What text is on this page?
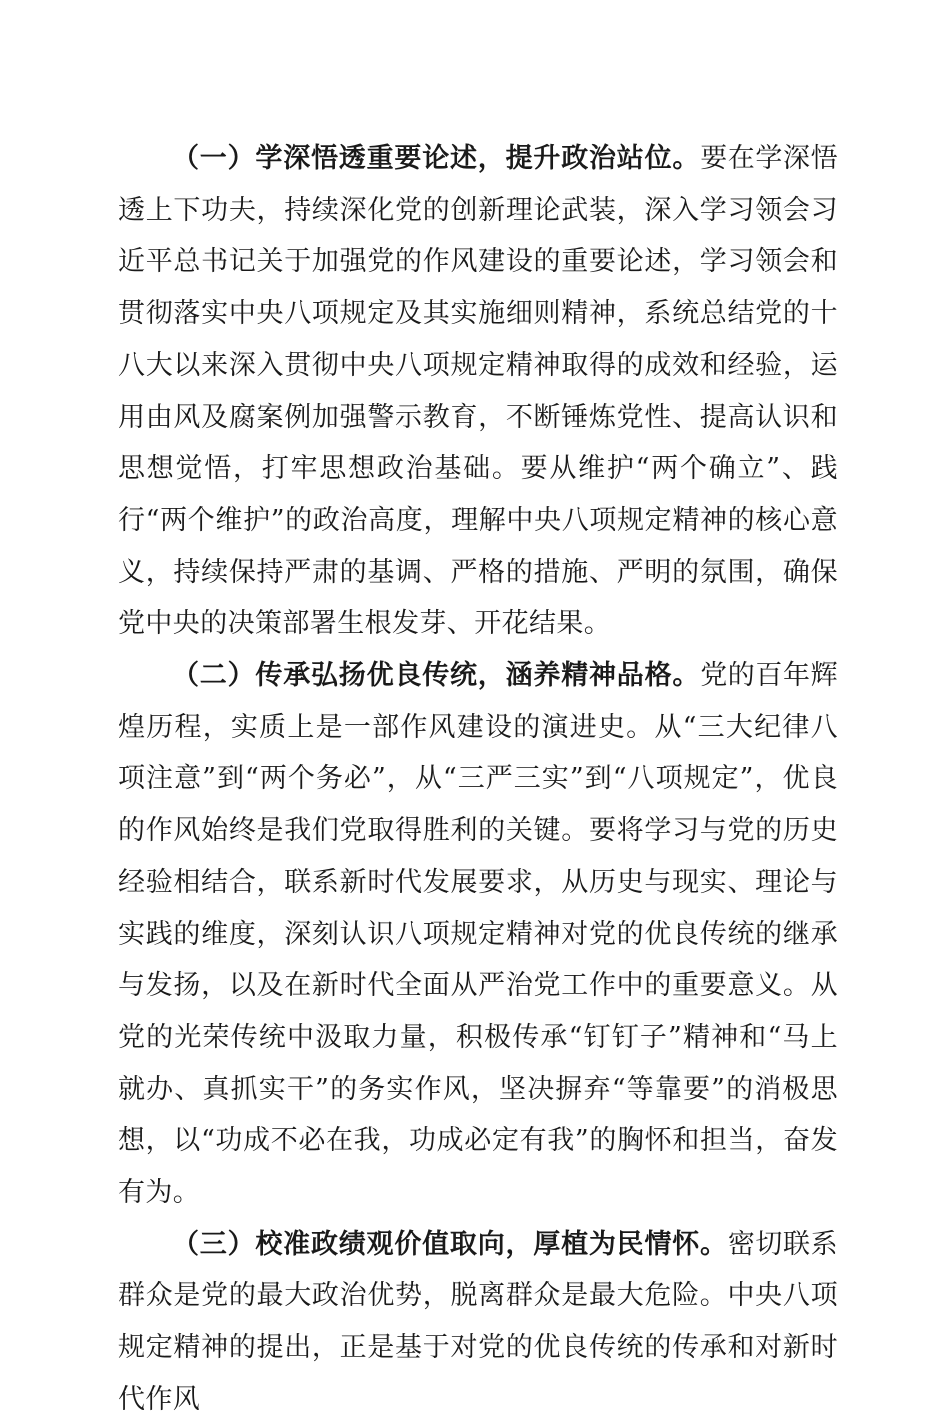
（一）学深悟透重要论述，提升政治站位。要在学深悟透上下功夫，持续深化党的创新理论武装，深入学习领会习近平总书记关于加强党的作风建设的重要论述，学习领会和贯彻落实中央八项规定及其实施细则精神，系统总结党的十八大以来深入贯彻中央八项规定精神取得的成效和经验，运用由风及腐案例加强警示教育，不断锤炼党性、提高认识和思想觉悟，打牢思想政治基础。要从维护“两个确立”、践行“两个维护”的政治高度，理解中央八项规定精神的核心意义，持续保持严肃的基调、严格的措施、严明的氛围，确保党中央的决策部署生根发芽、开花结果。

（二）传承弘扬优良传统，涵养精神品格。党的百年辉煌历程，实质上是一部作风建设的演进史。从“三大纪律八项注意”到“两个务必”，从“三严三实”到“八项规定”，优良的作风始终是我们党取得胜利的关键。要将学习与党的历史经验相结合，联系新时代发展要求，从历史与现实、理论与实践的维度，深刻认识八项规定精神对党的优良传统的继承与发扬，以及在新时代全面从严治党工作中的重要意义。从党的光荣传统中汲取力量，积极传承“钉钉子”精神和“马上就办、真抓实干”的务实作风，坚决摒弃“等靠要”的消极思想，以“功成不必在我，功成必定有我”的胸怀和担当，奋发有为。

（三）校准政绩观价值取向，厚植为民情怀。密切联系群众是党的最大政治优势，脱离群众是最大危险。中央八项规定精神的提出，正是基于对党的优良传统的传承和对新时代作风
